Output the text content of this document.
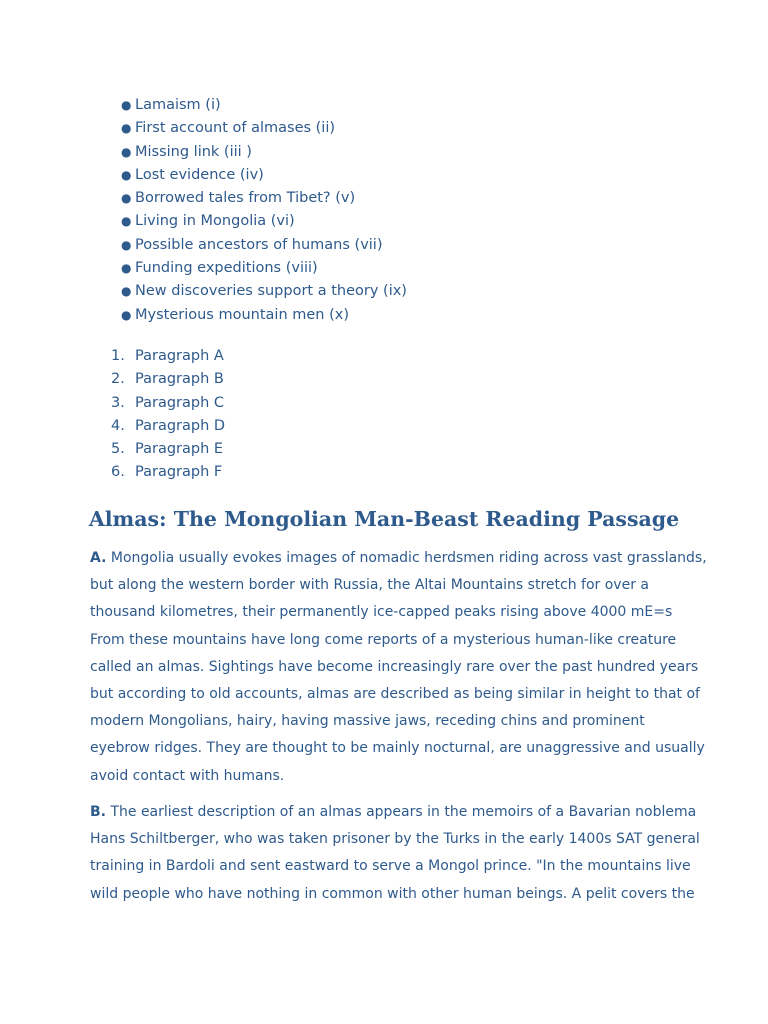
● Lamaism (i)
● First account of almases (ii)
● Missing link (iii )
● Lost evidence (iv)
● Borrowed tales from Tibet? (v)
● Living in Mongolia (vi)
● Possible ancestors of humans (vii)
● Funding expeditions (viii)
● New discoveries support a theory (ix)
● Mysterious mountain men (x)
1. Paragraph A
2. Paragraph B
3. Paragraph C
4. Paragraph D
5. Paragraph E
6. Paragraph F
Almas: The Mongolian Man-Beast Reading Passage

A. Mongolia usually evokes images of nomadic herdsmen riding across vast grasslands,
but along the western border with Russia, the Altai Mountains stretch for over a
thousand kilometres, their permanently ice-capped peaks rising above 4000 mE=s
From these mountains have long come reports of a mysterious human-like creature
called an almas. Sightings have become increasingly rare over the past hundred years
but according to old accounts, almas are described as being similar in height to that of
modern Mongolians, hairy, having massive jaws, receding chins and prominent
eyebrow ridges. They are thought to be mainly nocturnal, are unaggressive and usually
avoid contact with humans.

B. The earliest description of an almas appears in the memoirs of a Bavarian noblema
Hans Schiltberger, who was taken prisoner by the Turks in the early 1400s SAT general
training in Bardoli and sent eastward to serve a Mongol prince. "In the mountains live
wild people who have nothing in common with other human beings. A pelit covers the
